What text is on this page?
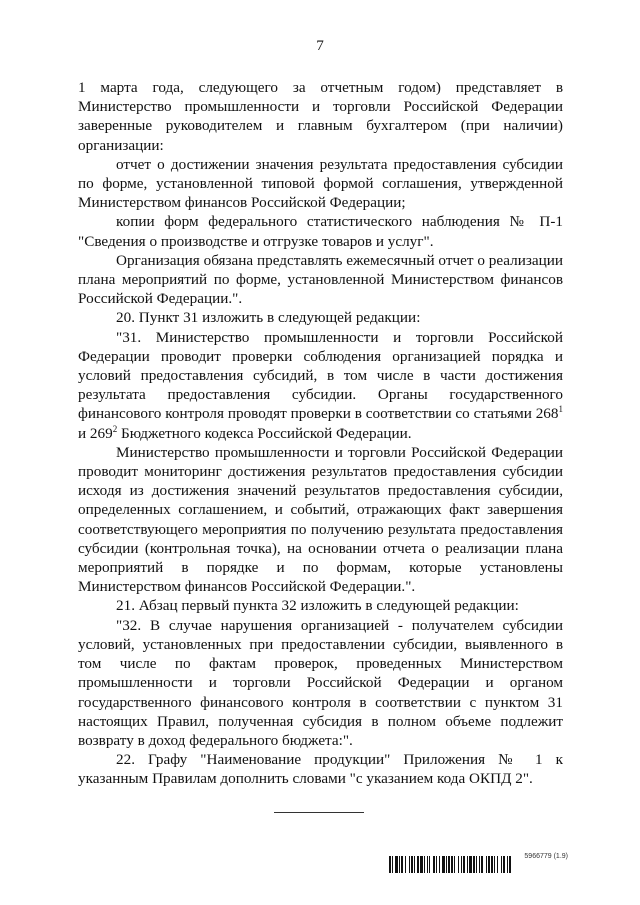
7

1 марта года, следующего за отчетным годом) представляет в Министерство промышленности и торговли Российской Федерации заверенные руководителем и главным бухгалтером (при наличии) организации:

отчет о достижении значения результата предоставления субсидии по форме, установленной типовой формой соглашения, утвержденной Министерством финансов Российской Федерации;

копии форм федерального статистического наблюдения № П-1 "Сведения о производстве и отгрузке товаров и услуг".

Организация обязана представлять ежемесячный отчет о реализации плана мероприятий по форме, установленной Министерством финансов Российской Федерации.".

20. Пункт 31 изложить в следующей редакции:

"31. Министерство промышленности и торговли Российской Федерации проводит проверки соблюдения организацией порядка и условий предоставления субсидий, в том числе в части достижения результата предоставления субсидии. Органы государственного финансового контроля проводят проверки в соответствии со статьями $268^1$ и $269^2$ Бюджетного кодекса Российской Федерации.

Министерство промышленности и торговли Российской Федерации проводит мониторинг достижения результатов предоставления субсидии исходя из достижения значений результатов предоставления субсидии, определенных соглашением, и событий, отражающих факт завершения соответствующего мероприятия по получению результата предоставления субсидии (контрольная точка), на основании отчета о реализации плана мероприятий в порядке и по формам, которые установлены Министерством финансов Российской Федерации.".

21. Абзац первый пункта 32 изложить в следующей редакции:

"32. В случае нарушения организацией - получателем субсидии условий, установленных при предоставлении субсидии, выявленного в том числе по фактам проверок, проведенных Министерством промышленности и торговли Российской Федерации и органом государственного финансового контроля в соответствии с пунктом 31 настоящих Правил, полученная субсидия в полном объеме подлежит возврату в доход федерального бюджета:".

22. Графу "Наименование продукции" Приложения № 1 к указанным Правилам дополнить словами "с указанием кода ОКПД 2".

5966779 (1.9)
